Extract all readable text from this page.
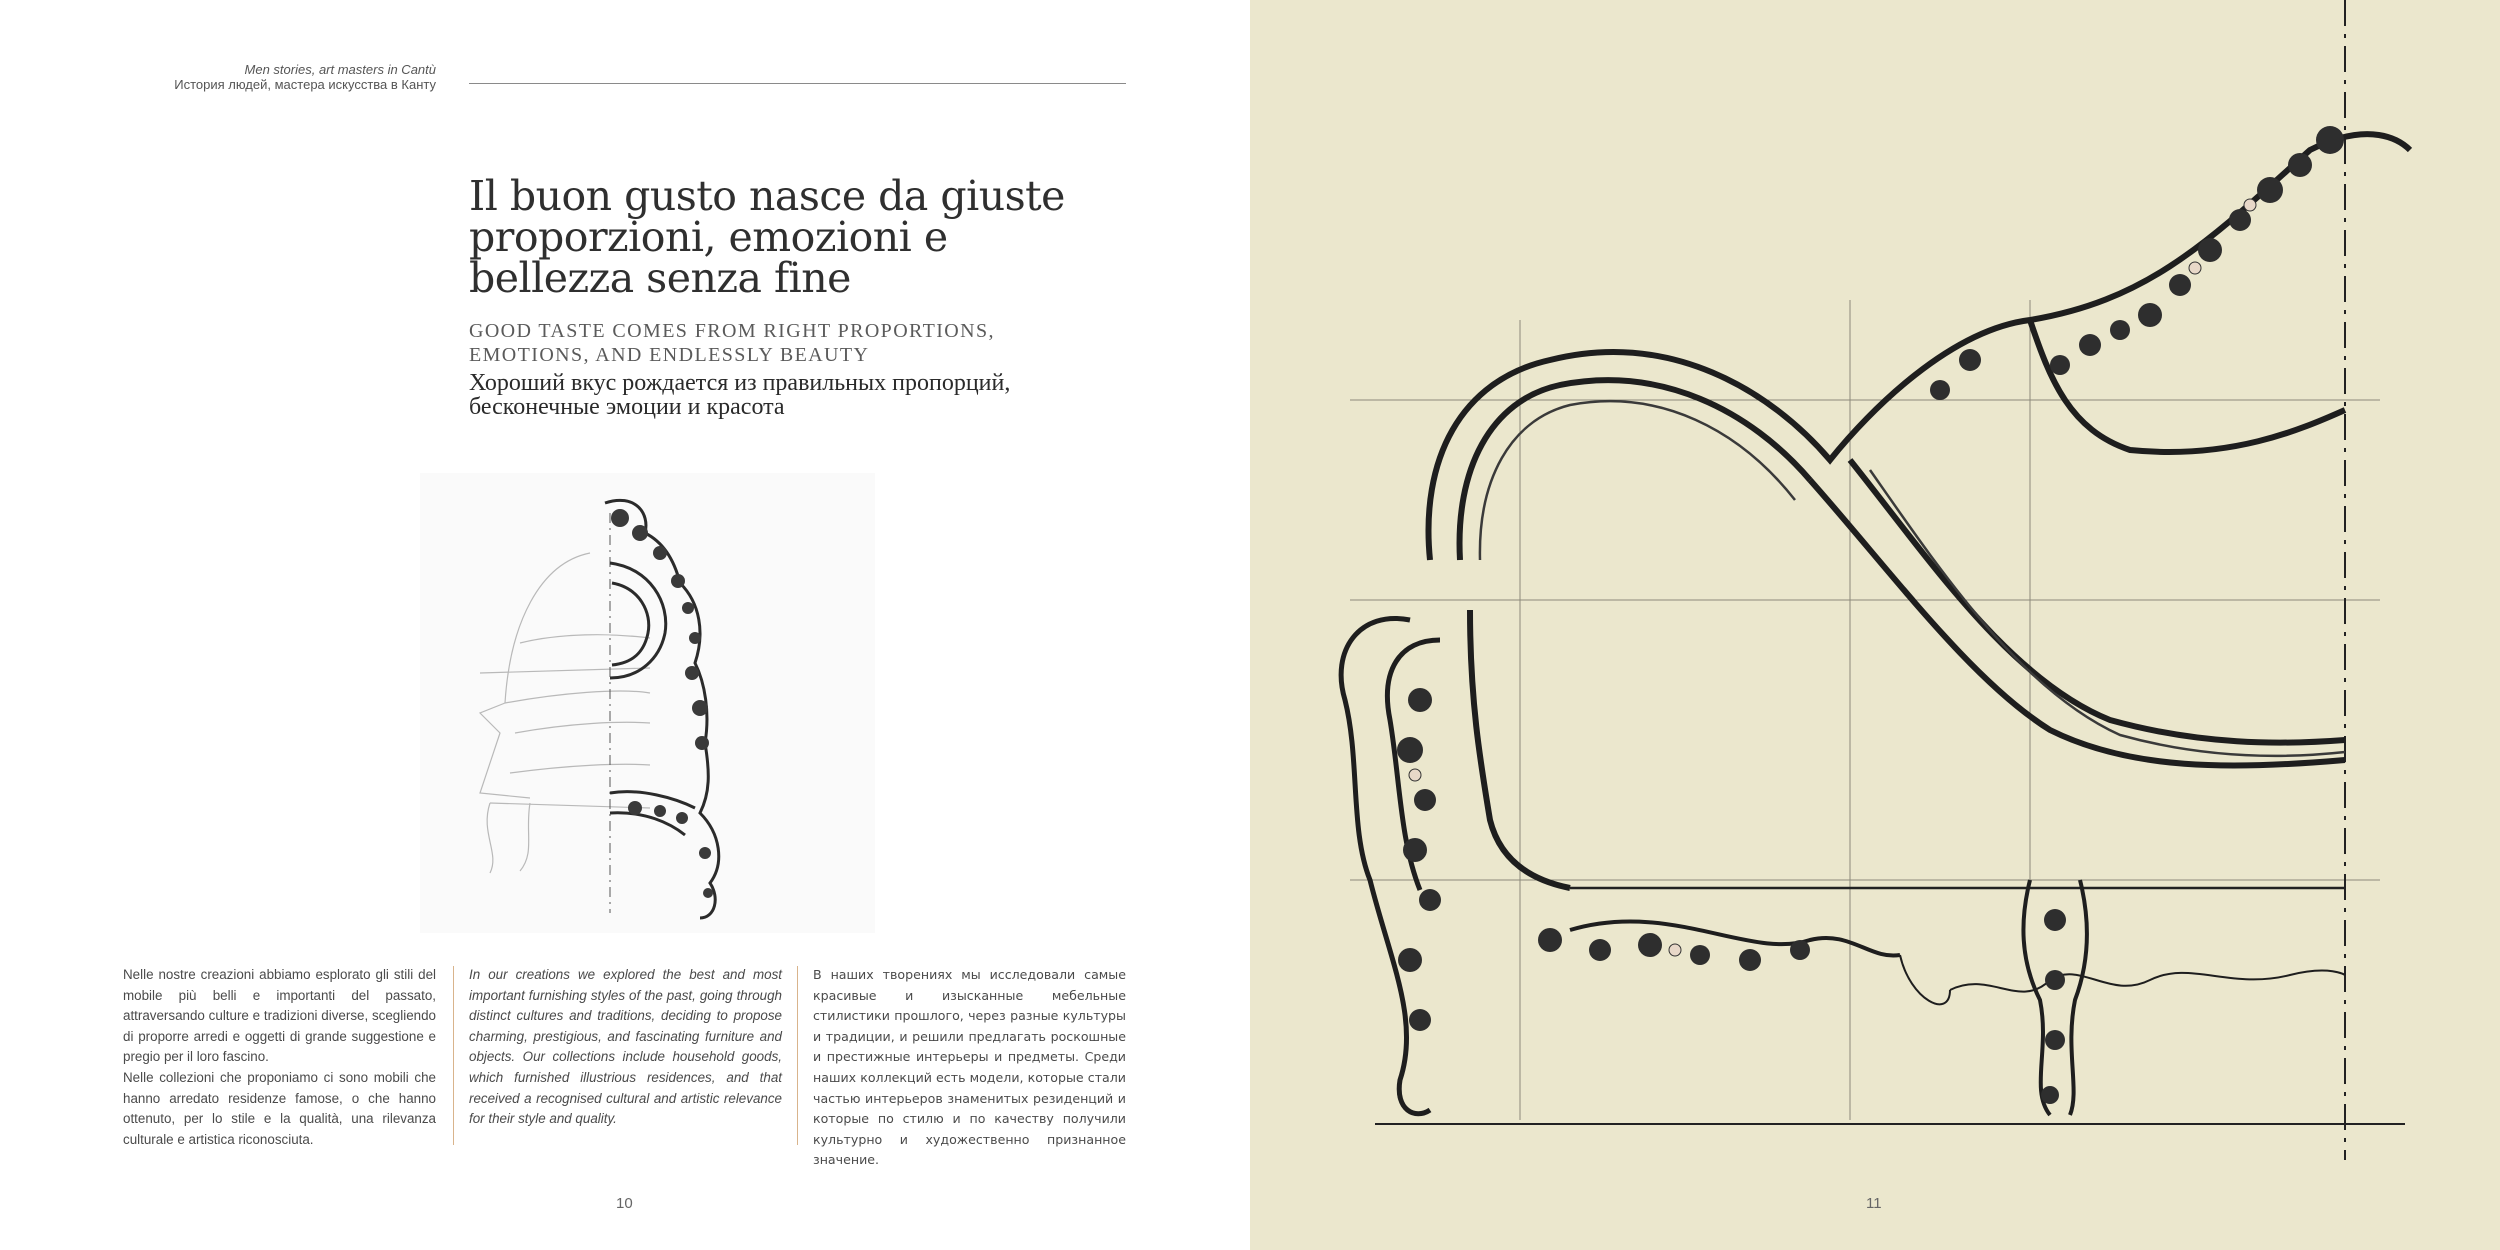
Men stories, art masters in Cantù
История людей, мастера искусства в Канту
Il buon gusto nasce da giuste
proporzioni, emozioni e
bellezza senza fine
GOOD TASTE COMES FROM RIGHT PROPORTIONS,
EMOTIONS, AND ENDLESSLY BEAUTY
Хороший вкус рождается из правильных пропорций,
бесконечные эмоции и красота

Nelle nostre creazioni abbiamo esplorato gli stili del mobile più belli e importanti del passato, attraversando culture e tradizioni diverse, scegliendo di proporre arredi e oggetti di grande suggestione e pregio per il loro fascino.

Nelle collezioni che proponiamo ci sono mobili che hanno arredato residenze famose, o che hanno ottenuto, per lo stile e la qualità, una rilevanza culturale e artistica riconosciuta.

In our creations we explored the best and most important furnishing styles of the past, going through distinct cultures and traditions, deciding to propose charming, prestigious, and fascinating furniture and objects. Our collections include household goods, which furnished illustrious residences, and that received a recognised cultural and artistic relevance for their style and quality.

В наших творениях мы исследовали самые красивые и изысканные мебельные стилистики прошлого, через разные культуры и традиции, и решили предлагать роскошные и престижные интерьеры и предметы. Среди наших коллекций есть модели, которые стали частью интерьеров знаменитых резиденций и которые по стилю и по качеству получили культурно и художественно признанное значение.

10	11
